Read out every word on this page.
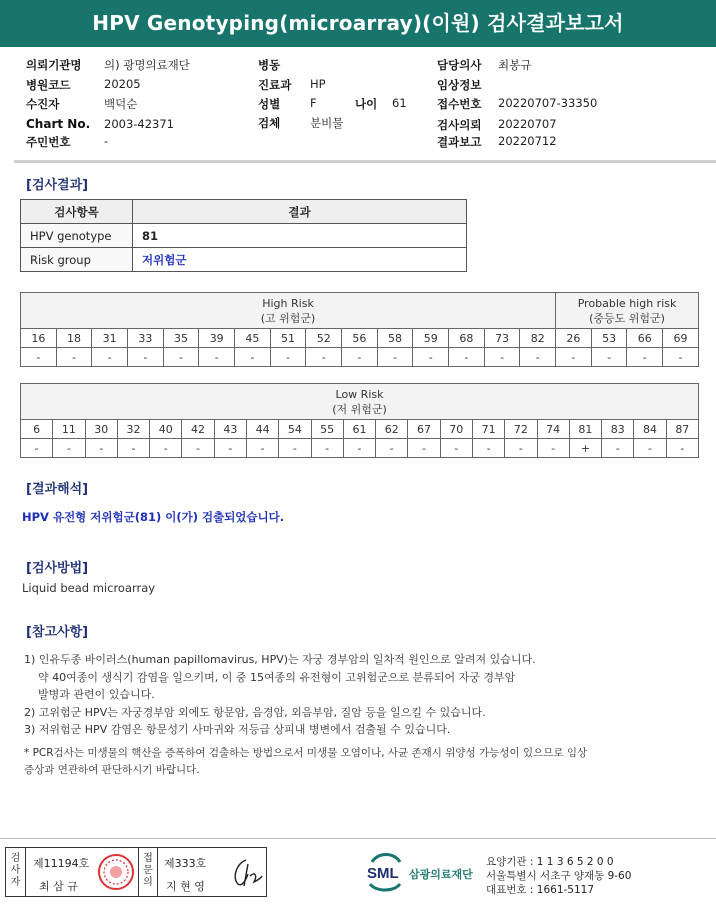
HPV Genotyping(microarray)(이원) 검사결과보고서
의뢰기관명 의) 광명의료재단
병원코드	20205
수진자	백덕순
Chart No. 2003-42371
주민번호	-
병동
진료과 HP
성별	F	나이 61
검체	분비물
담당의사 최봉규
임상정보
접수번호 20220707-33350
검사의뢰 20220707
결과보고 20220712
[검사결과]
검사항목	결과
HPV genotype	81
Risk group	저위험군
High Risk
(고 위험군)															Probable high risk
(중등도 위험군)			
16	18	31	33	35	39	45	51	52	56	58	59	68	73	82	26	53	66	69
-	-	-	-	-	-	-	-	-	-	-	-	-	-	-	-	-	-	-
Low Risk
(저 위험군)																				
6	11	30	32	40	42	43	44	54	55	61	62	67	70	71	72	74	81	83	84	87
-	-	-	-	-	-	-	-	-	-	-	-	-	-	-	-	-	+	-	-	-
[결과해석]
HPV 유전형 저위험군(81) 이(가) 검출되었습니다.
[검사방법]
Liquid bead microarray
[참고사항]
1) 인유두종 바이러스(human papillomavirus, HPV)는 자궁 경부암의 일차적 원인으로 알려져 있습니다.
약 40여종이 생식기 감염을 일으키며, 이 중 15여종의 유전형이 고위험군으로 분류되어 자궁 경부암
발병과 관련이 있습니다.
2) 고위험군 HPV는 자궁경부암 외에도 항문암, 음경암, 외음부암, 질암 등을 일으킬 수 있습니다.
3) 저위험군 HPV 감염은 항문성기 사마귀와 저등급 상피내 병변에서 검출될 수 있습니다.
* PCR검사는 미생물의 핵산을 증폭하여 검출하는 방법으로서 미생물 오염이나, 사균 존재시 위양성 가능성이 있으므로 임상
증상과 연관하여 판단하시기 바랍니다.
검사자
제11194호
최 삼 규
접문의
제333호
지 현 영
SML 삼광의료재단
요양기관 : 1 1 3 6 5 2 0 0
서울특별시 서초구 양재동 9-60
대표번호 : 1661-5117
